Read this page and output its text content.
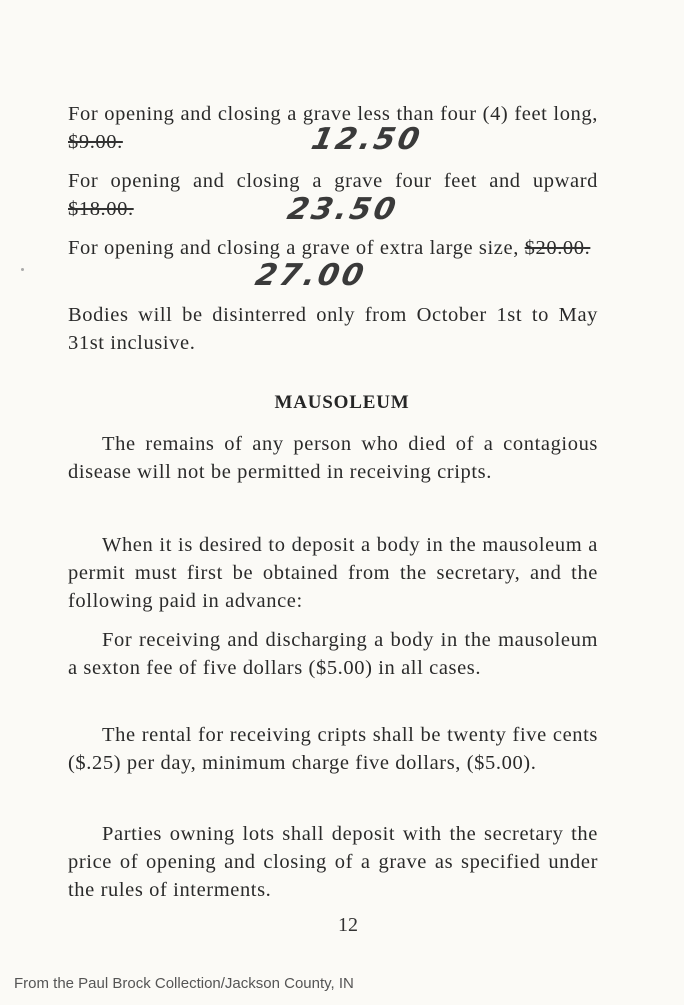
For opening and closing a grave less than four (4) feet long, $9.00.	12.50

For opening and closing a grave four feet and upward $18.00.	23.50

For opening and closing a grave of extra large size, $20.00.

27.00

Bodies will be disinterred only from October 1st to May 31st inclusive.

MAUSOLEUM

The remains of any person who died of a contagious disease will not be permitted in receiving cripts.

When it is desired to deposit a body in the mausoleum a permit must first be obtained from the secretary, and the following paid in advance:

For receiving and discharging a body in the mausoleum a sexton fee of five dollars ($5.00) in all cases.

The rental for receiving cripts shall be twenty five cents ($.25) per day, minimum charge five dollars, ($5.00).

Parties owning lots shall deposit with the secretary the price of opening and closing of a grave as specified under the rules of interments.

12
From the Paul Brock Collection/Jackson County, IN
